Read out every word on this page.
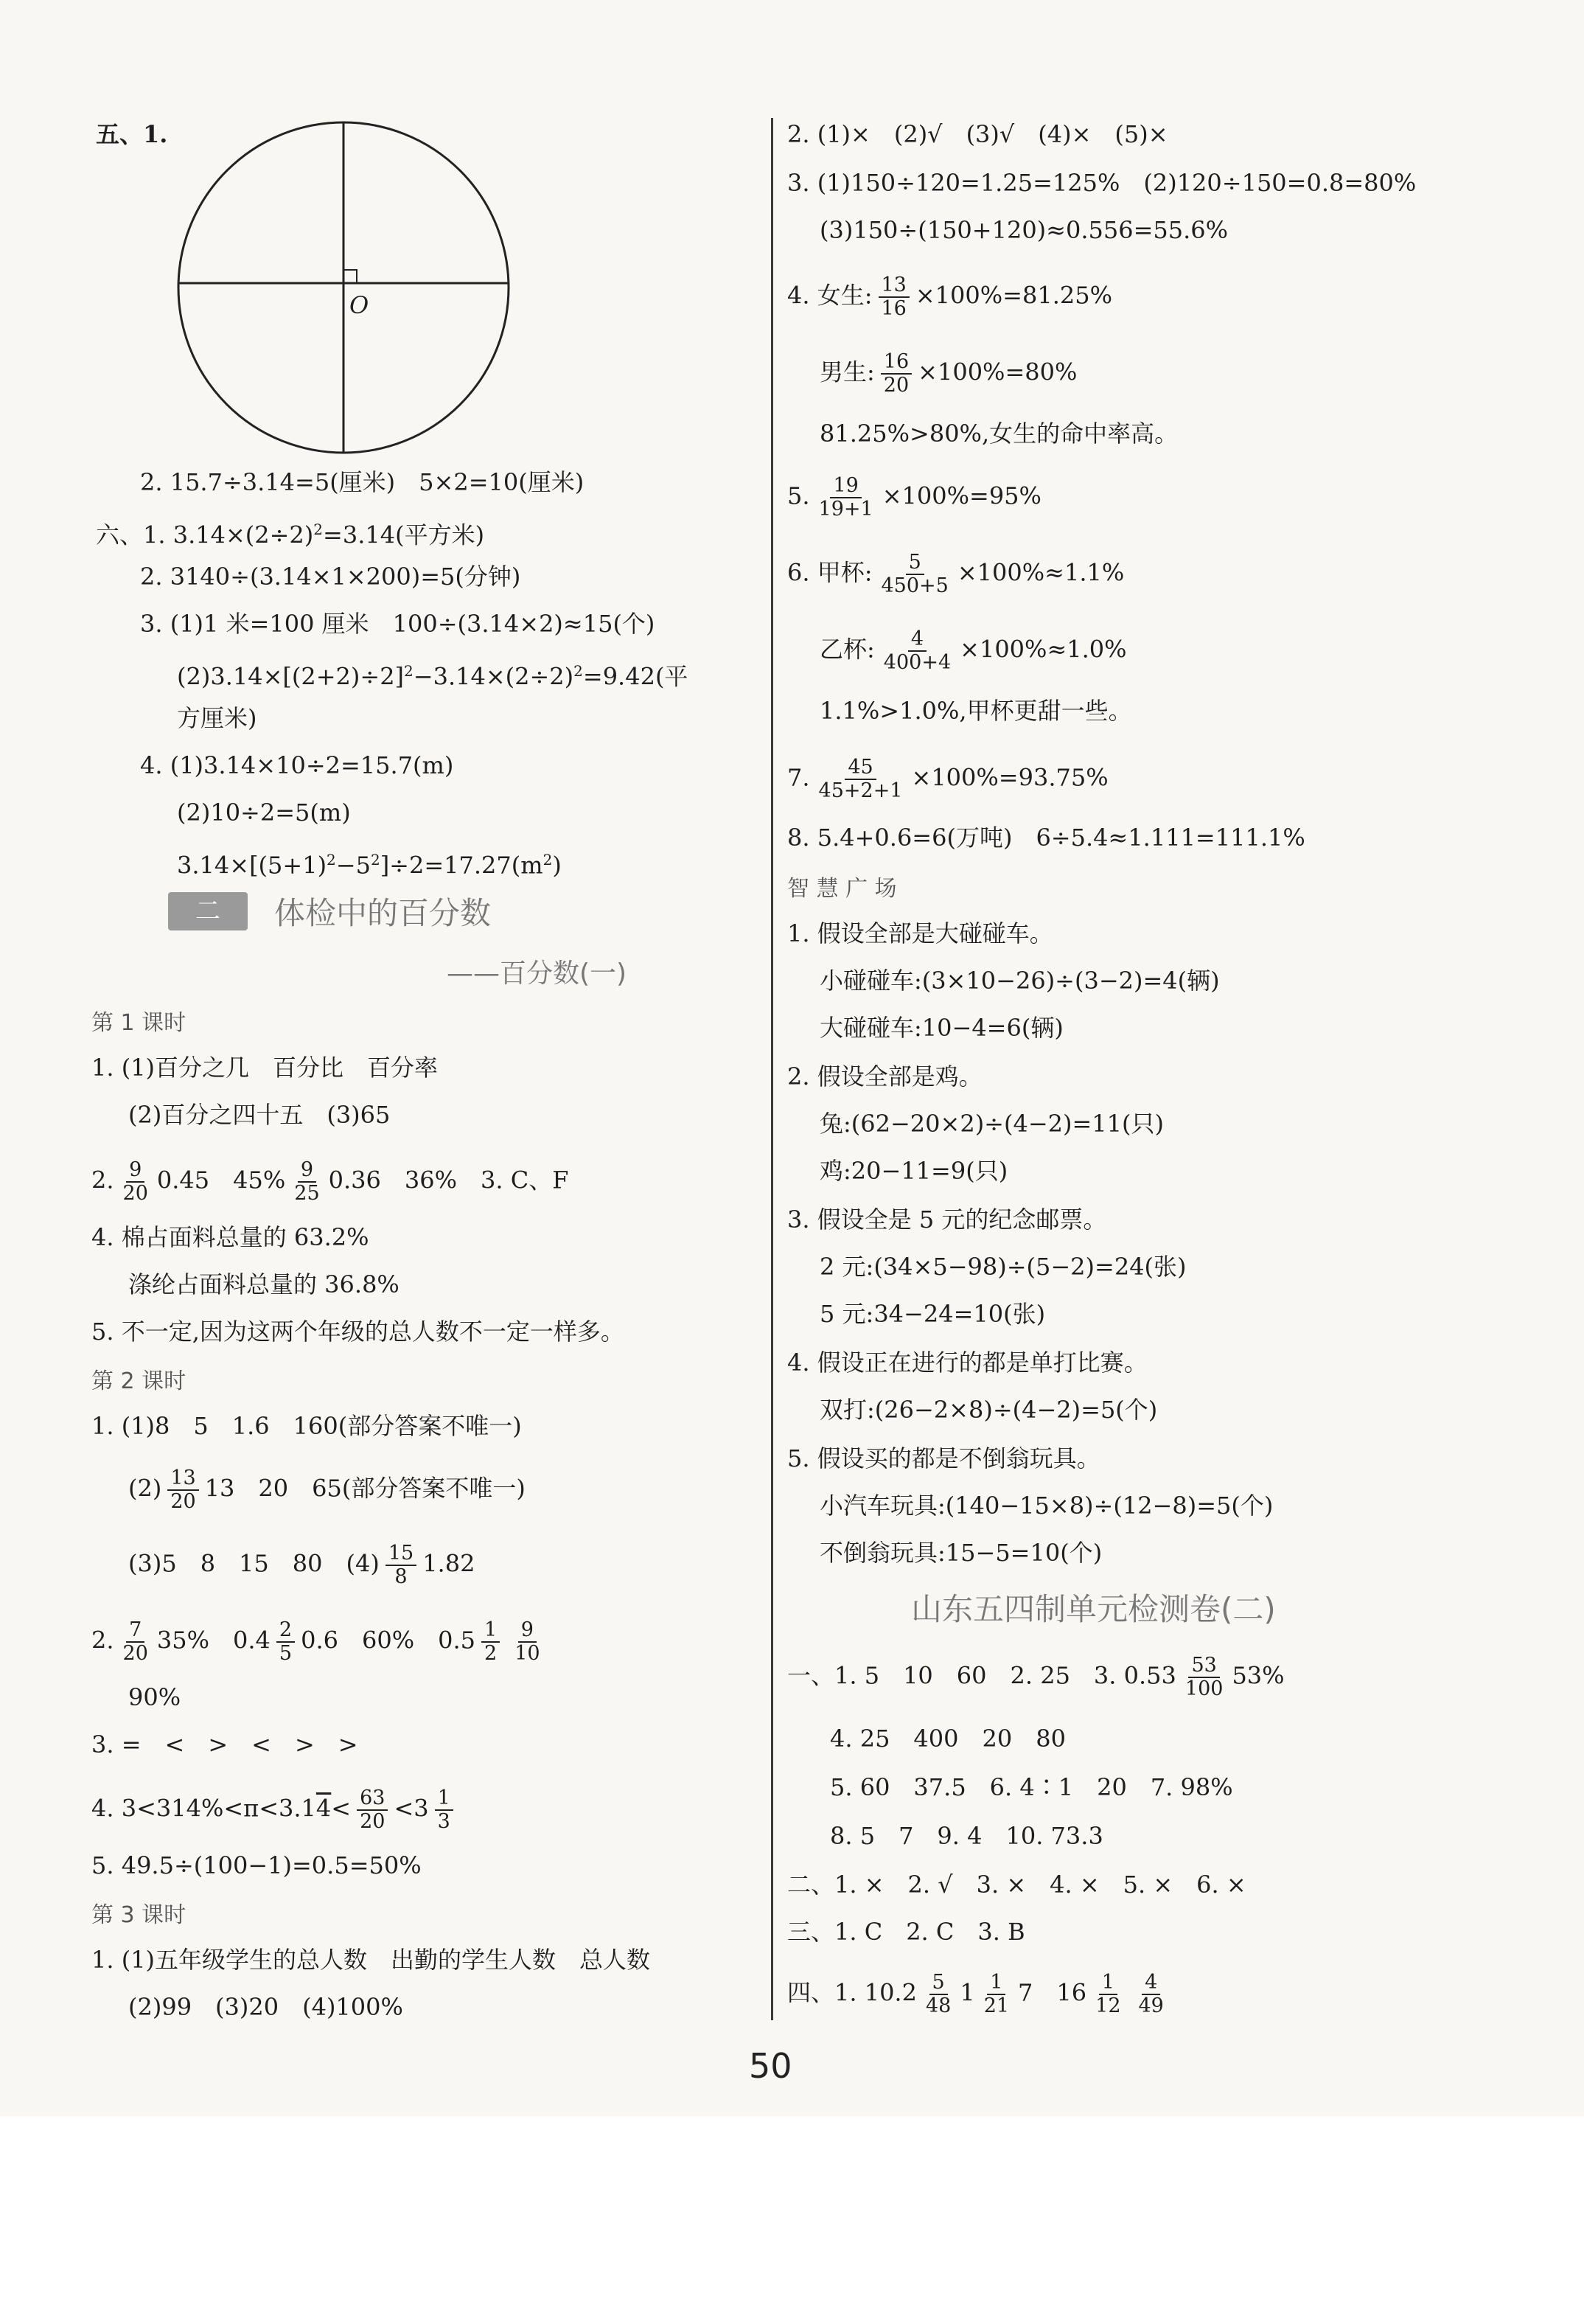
五、1.
O
2. 15.7÷3.14=5(厘米)　5×2=10(厘米)
六、1. $3.14\times(2\div 2)^2=3.14$(平方米)
2. 3140÷(3.14×1×200)=5(分钟)
3. (1)1 米=100 厘米　100÷(3.14×2)≈15(个)
$(2)3.14\times[(2+2)\div 2]^2-3.14\times(2\div 2)^2=9.42$(平
方厘米)
4. (1)3.14×10÷2=15.7(m)
(2)10÷2=5(m)
$3.14\times[(5+1)^2-5^2]\div 2=17.27(m^2)$
二	体检中的百分数
——百分数(一)
第 1 课时
1. (1)百分之几　百分比　百分率
(2)百分之四十五　(3)65
2. $\frac{9}{20} 0.45$　$45\% \frac{9}{25} 0.36$　36%　3. C、F
4. 棉占面料总量的 63.2%
涤纶占面料总量的 36.8%
5. 不一定,因为这两个年级的总人数不一定一样多。
第 2 课时
1. (1)8　5　1.6　160(部分答案不唯一)
$(2) \frac{13}{20} 13$　20　65(部分答案不唯一)
(3)5　8　15　80　$(4) \frac{15}{8} 1.82$
2. $\frac{7}{20} 35\%$　$0.4 \frac{2}{5} 0.6$　60%　$0.5 \frac{1}{2} \frac{9}{10}$
90%
3. =　<　>　<　>　>
4. $3<314\%<\pi<3.14< \frac{63}{20} <3 \frac{1}{3}$
5. 49.5÷(100−1)=0.5=50%
第 3 课时
1. (1)五年级学生的总人数　出勤的学生人数　总人数
(2)99　(3)20　(4)100%
2. (1)×　(2)√　(3)√　(4)×　(5)×
3. (1)150÷120=1.25=125%　(2)120÷150=0.8=80%
(3)150÷(150+120)≈0.556=55.6%
4. 女生: $\frac{13}{16} \times 100\%=81.25\%$
男生: $\frac{16}{20} \times 100\%=80\%$
81.25%>80%,女生的命中率高。
5. $\frac{19}{19+1} \times 100\%=95\%$
6. 甲杯: $\frac{5}{450+5} \times 100\%\approx 1.1\%$
乙杯: $\frac{4}{400+4} \times 100\%\approx 1.0\%$
1.1%>1.0%,甲杯更甜一些。
7. $\frac{45}{45+2+1} \times 100\%=93.75\%$
8. 5.4+0.6=6(万吨)　6÷5.4≈1.111=111.1%
智 慧 广 场
1. 假设全部是大碰碰车。
小碰碰车:(3×10−26)÷(3−2)=4(辆)
大碰碰车:10−4=6(辆)
2. 假设全部是鸡。
兔:(62−20×2)÷(4−2)=11(只)
鸡:20−11=9(只)
3. 假设全是 5 元的纪念邮票。
2 元:(34×5−98)÷(5−2)=24(张)
5 元:34−24=10(张)
4. 假设正在进行的都是单打比赛。
双打:(26−2×8)÷(4−2)=5(个)
5. 假设买的都是不倒翁玩具。
小汽车玩具:(140−15×8)÷(12−8)=5(个)
不倒翁玩具:15−5=10(个)
山东五四制单元检测卷(二)
一、1. 5　10　60　2. 25　3. $0.53 \frac{53}{100} 53\%$
4. 25　400　20　80
5. 60　37.5　6. 4∶1　20　7. 98%
8. 5　7　9. 4　10. 73.3
二、1. ×　2. √　3. ×　4. ×　5. ×　6. ×
三、1. C　2. C　3. B
四、1. $10.2 \frac{5}{48} 1 \frac{1}{21} 7$　$16 \frac{1}{12} \frac{4}{49}$
50
